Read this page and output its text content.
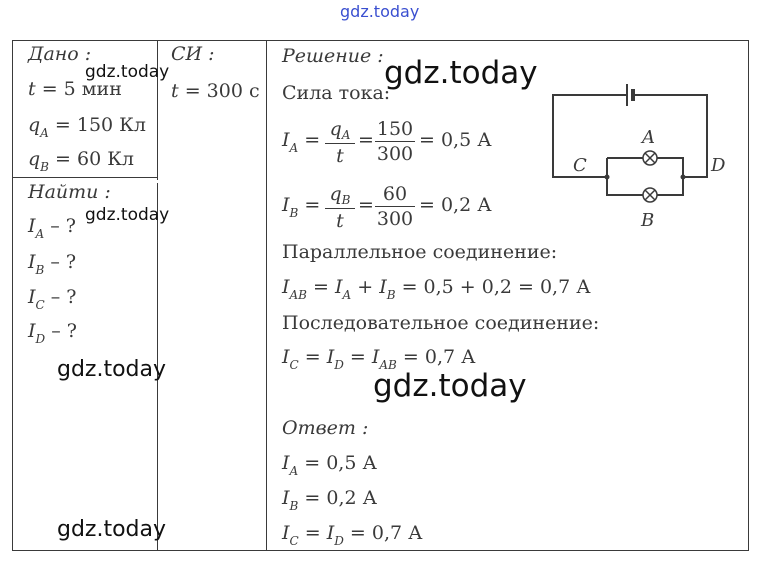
gdz.today
Дано :
t = 5 мин
$q_A = 150$ Кл
$q_B = 60$ Кл
СИ :
t = 300 с
Найти :
$I_A$ – ?
$I_B$ – ?
$I_C$ – ?
$I_D$ – ?
Решение :
Сила тока:
$I_A = q_A$
t
= 150
300
= 0,5 А
$I_B = q_B$
t
= 60
300
= 0,2 А
Параллельное соединение:
$I_{AB} = I_A + I_B = 0,5 + 0,2 = 0,7$ А
Последовательное соединение:
$I_C = I_D = I_{AB} = 0,7$ А
Ответ :
$I_A = 0,5$ А
$I_B = 0,2$ А
$I_C = I_D = 0,7$ А
A
B
C	D
gdz.today	gdz.today
gdz.today
gdz.today	gdz.today
gdz.today
